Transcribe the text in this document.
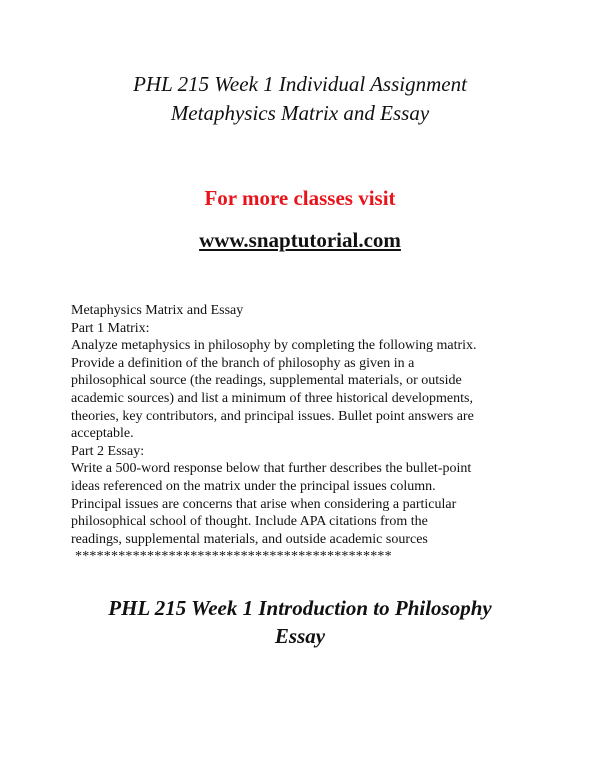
PHL 215 Week 1 Individual Assignment
Metaphysics Matrix and Essay
For more classes visit
www.snaptutorial.com
Metaphysics Matrix and Essay
Part 1 Matrix:
Analyze metaphysics in philosophy by completing the following matrix.
Provide a definition of the branch of philosophy as given in a
philosophical source (the readings, supplemental materials, or outside
academic sources) and list a minimum of three historical developments,
theories, key contributors, and principal issues. Bullet point answers are
acceptable.
Part 2 Essay:
Write a 500-word response below that further describes the bullet-point
ideas referenced on the matrix under the principal issues column.
Principal issues are concerns that arise when considering a particular
philosophical school of thought. Include APA citations from the
readings, supplemental materials, and outside academic sources
********************************************
PHL 215 Week 1 Introduction to Philosophy
Essay
